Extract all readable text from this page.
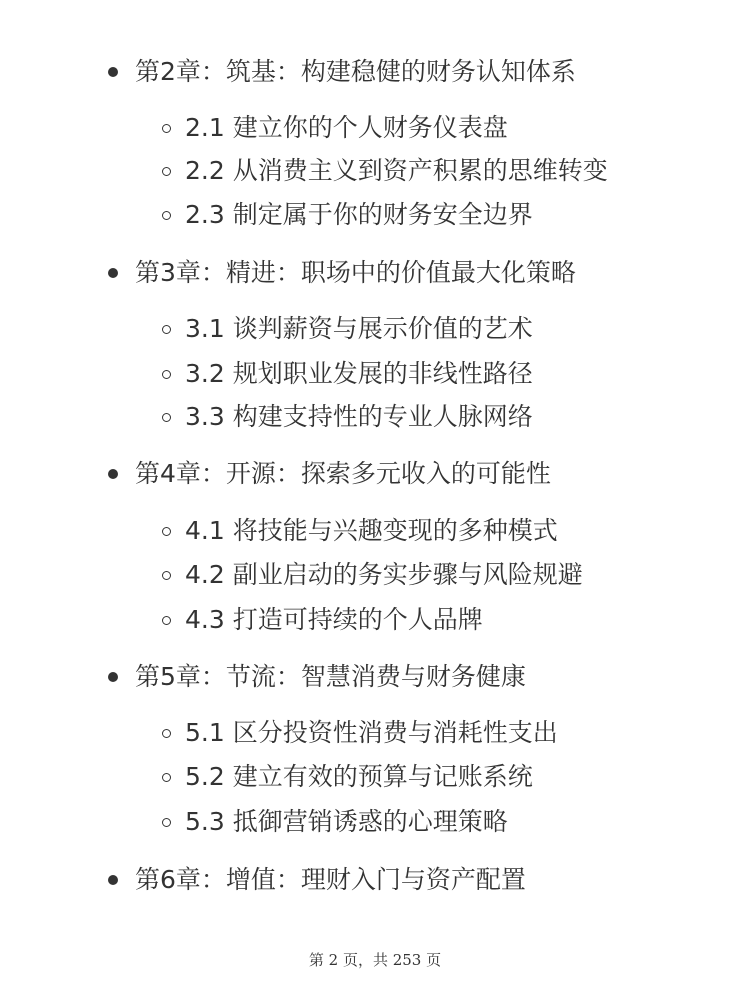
第2章：筑基：构建稳健的财务认知体系
2.1 建立你的个人财务仪表盘
2.2 从消费主义到资产积累的思维转变
2.3 制定属于你的财务安全边界
第3章：精进：职场中的价值最大化策略
3.1 谈判薪资与展示价值的艺术
3.2 规划职业发展的非线性路径
3.3 构建支持性的专业人脉网络
第4章：开源：探索多元收入的可能性
4.1 将技能与兴趣变现的多种模式
4.2 副业启动的务实步骤与风险规避
4.3 打造可持续的个人品牌
第5章：节流：智慧消费与财务健康
5.1 区分投资性消费与消耗性支出
5.2 建立有效的预算与记账系统
5.3 抵御营销诱惑的心理策略
第6章：增值：理财入门与资产配置
第 2 页，共 253 页
